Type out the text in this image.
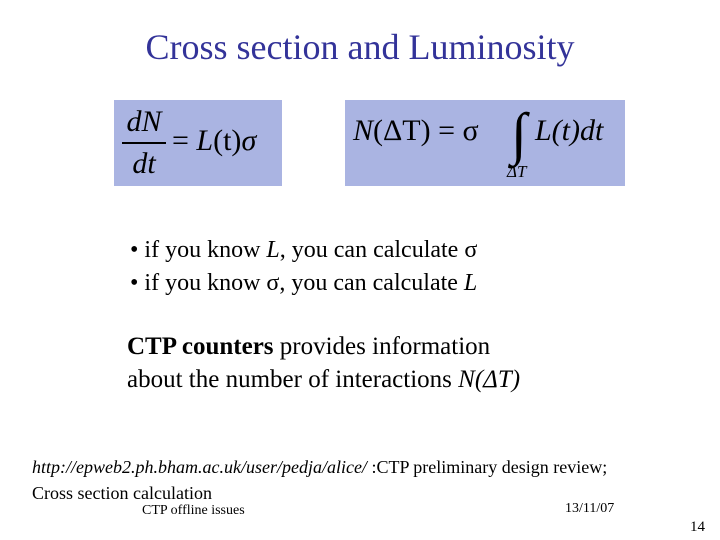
Cross section and Luminosity
dN
dt
= L(t)σ	N(ΔT) = σ ∫ L(t)dt
ΔT
• if you know L, you can calculate σ
• if you know σ, you can calculate L
CTP counters provides information
about the number of interactions N(ΔT)
http://epweb2.ph.bham.ac.uk/user/pedja/alice/ :CTP preliminary design review;
Cross section calculation
CTP offline issues	13/11/07
14
